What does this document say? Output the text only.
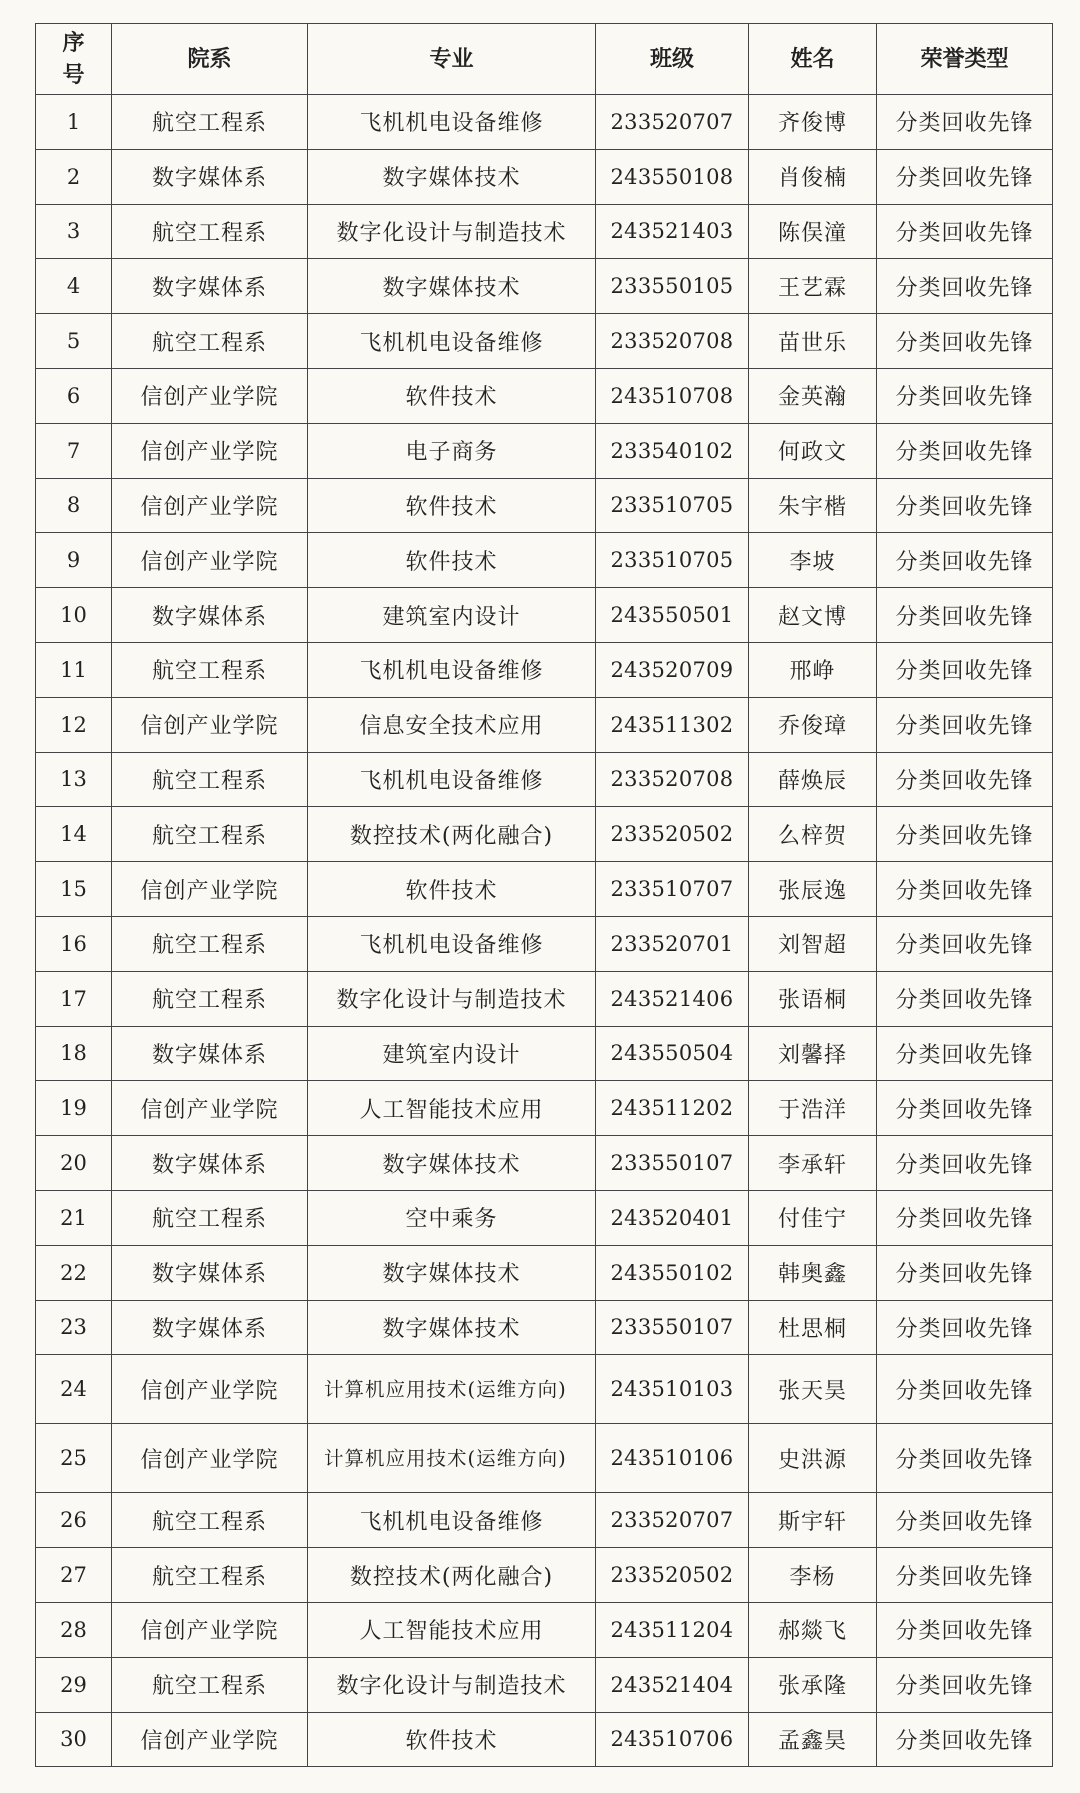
序号	院系	专业	班级	姓名	荣誉类型
1	航空工程系	飞机机电设备维修	233520707	齐俊博	分类回收先锋
2	数字媒体系	数字媒体技术	243550108	肖俊楠	分类回收先锋
3	航空工程系	数字化设计与制造技术	243521403	陈俣潼	分类回收先锋
4	数字媒体系	数字媒体技术	233550105	王艺霖	分类回收先锋
5	航空工程系	飞机机电设备维修	233520708	苗世乐	分类回收先锋
6	信创产业学院	软件技术	243510708	金英瀚	分类回收先锋
7	信创产业学院	电子商务	233540102	何政文	分类回收先锋
8	信创产业学院	软件技术	233510705	朱宇楷	分类回收先锋
9	信创产业学院	软件技术	233510705	李坡	分类回收先锋
10	数字媒体系	建筑室内设计	243550501	赵文博	分类回收先锋
11	航空工程系	飞机机电设备维修	243520709	邢峥	分类回收先锋
12	信创产业学院	信息安全技术应用	243511302	乔俊璋	分类回收先锋
13	航空工程系	飞机机电设备维修	233520708	薛焕辰	分类回收先锋
14	航空工程系	数控技术(两化融合)	233520502	么梓贺	分类回收先锋
15	信创产业学院	软件技术	233510707	张辰逸	分类回收先锋
16	航空工程系	飞机机电设备维修	233520701	刘智超	分类回收先锋
17	航空工程系	数字化设计与制造技术	243521406	张语桐	分类回收先锋
18	数字媒体系	建筑室内设计	243550504	刘馨择	分类回收先锋
19	信创产业学院	人工智能技术应用	243511202	于浩洋	分类回收先锋
20	数字媒体系	数字媒体技术	233550107	李承轩	分类回收先锋
21	航空工程系	空中乘务	243520401	付佳宁	分类回收先锋
22	数字媒体系	数字媒体技术	243550102	韩奥鑫	分类回收先锋
23	数字媒体系	数字媒体技术	233550107	杜思桐	分类回收先锋
24	信创产业学院	计算机应用技术(运维方向)	243510103	张天昊	分类回收先锋
25	信创产业学院	计算机应用技术(运维方向)	243510106	史洪源	分类回收先锋
26	航空工程系	飞机机电设备维修	233520707	斯宇轩	分类回收先锋
27	航空工程系	数控技术(两化融合)	233520502	李杨	分类回收先锋
28	信创产业学院	人工智能技术应用	243511204	郝燚飞	分类回收先锋
29	航空工程系	数字化设计与制造技术	243521404	张承隆	分类回收先锋
30	信创产业学院	软件技术	243510706	孟鑫昊	分类回收先锋
